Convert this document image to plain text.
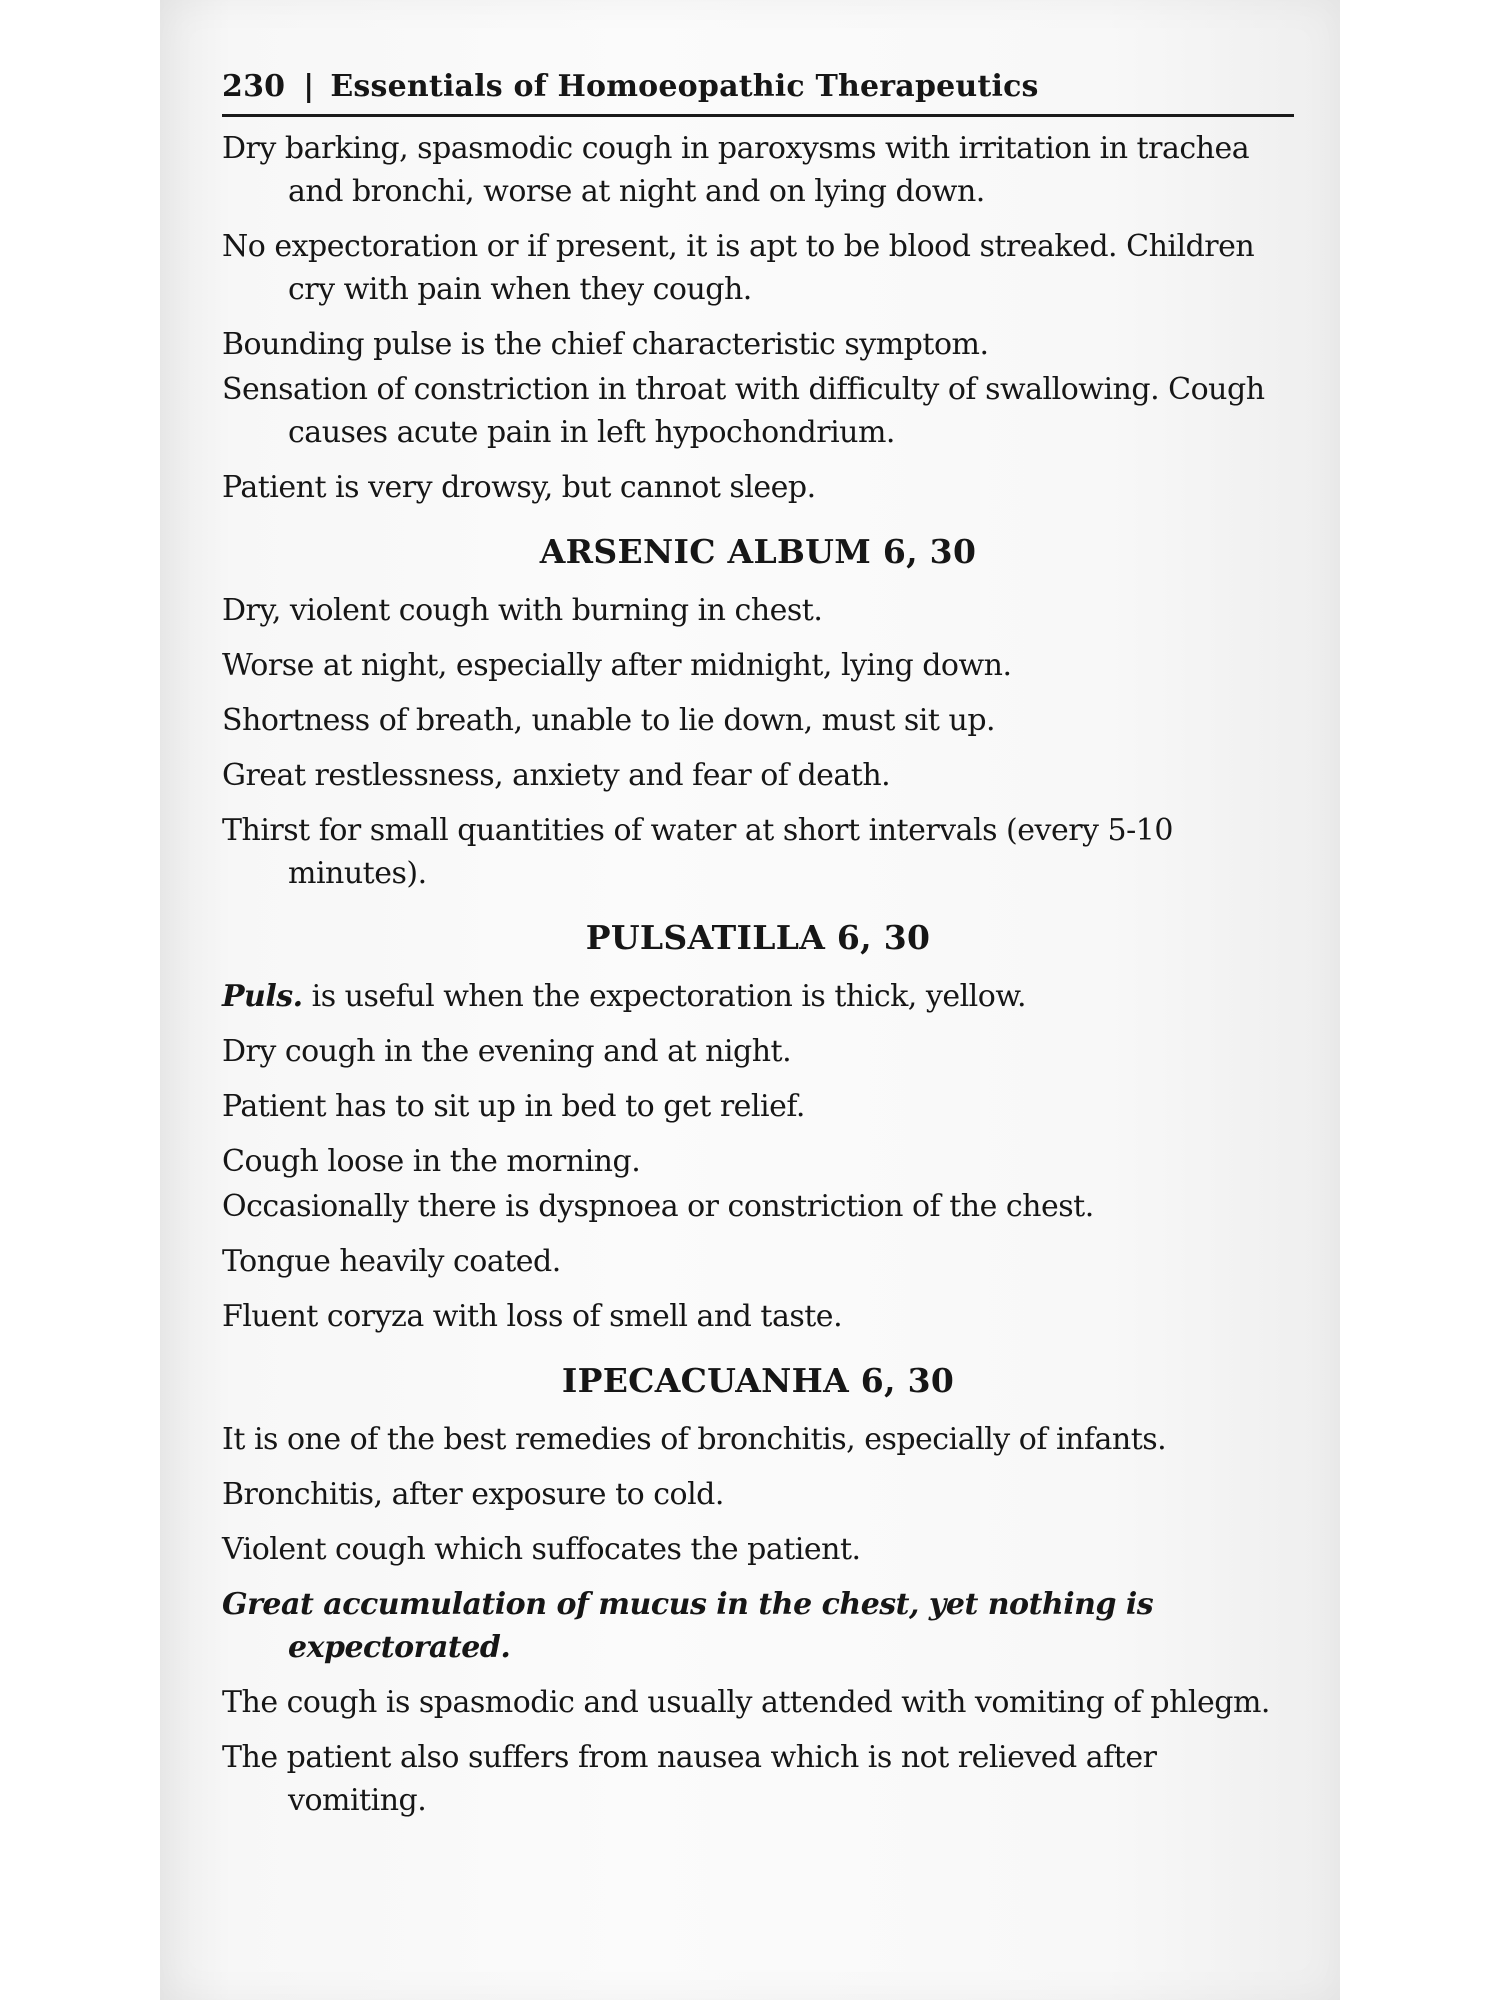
230 | Essentials of Homoeopathic Therapeutics

Dry barking, spasmodic cough in paroxysms with irritation in trachea and bronchi, worse at night and on lying down.

No expectoration or if present, it is apt to be blood streaked. Children cry with pain when they cough.

Bounding pulse is the chief characteristic symptom.

Sensation of constriction in throat with difficulty of swallowing. Cough causes acute pain in left hypochondrium.

Patient is very drowsy, but cannot sleep.

ARSENIC ALBUM 6, 30

Dry, violent cough with burning in chest.

Worse at night, especially after midnight, lying down.

Shortness of breath, unable to lie down, must sit up.

Great restlessness, anxiety and fear of death.

Thirst for small quantities of water at short intervals (every 5-10 minutes).

PULSATILLA 6, 30

Puls. is useful when the expectoration is thick, yellow.

Dry cough in the evening and at night.

Patient has to sit up in bed to get relief.

Cough loose in the morning.

Occasionally there is dyspnoea or constriction of the chest.

Tongue heavily coated.

Fluent coryza with loss of smell and taste.

IPECACUANHA 6, 30

It is one of the best remedies of bronchitis, especially of infants.

Bronchitis, after exposure to cold.

Violent cough which suffocates the patient.

Great accumulation of mucus in the chest, yet nothing is expectorated.

The cough is spasmodic and usually attended with vomiting of phlegm.

The patient also suffers from nausea which is not relieved after vomiting.
